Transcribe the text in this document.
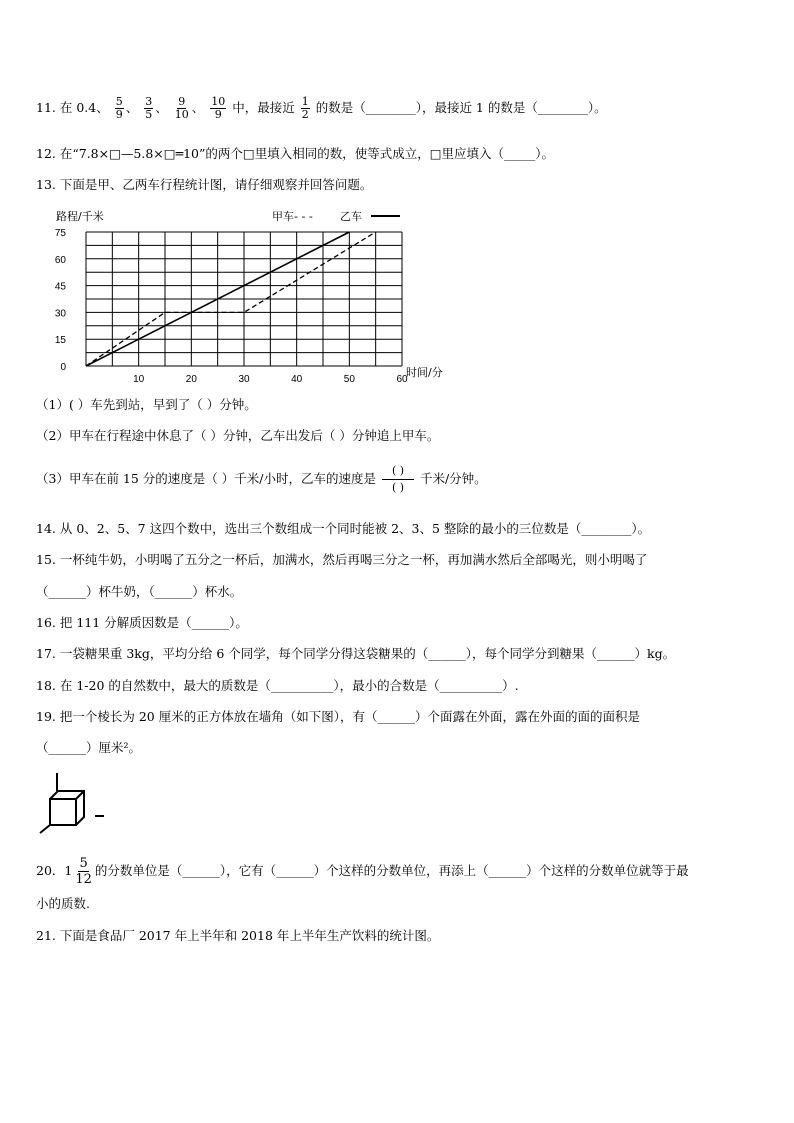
11. 在 0.4、 $\frac{5}{9}$ 、 $\frac{3}{5}$ 、 $\frac{9}{10}$ 、 $\frac{10}{9}$ 中，最接近 $\frac{1}{2}$ 的数是（________），最接近 1 的数是（________）。
12. 在“7.8×□—5.8×□═10”的两个□里填入相同的数，使等式成立，□里应填入（_____）。
13. 下面是甲、乙两车行程统计图，请仔细观察并回答问题。
0
15
30
45
60
75
10	20	30	40	50	60
路程/千米
时间/分
甲车- - - 乙车
（1）( ）车先到站，早到了（ ）分钟。
（2）甲车在行程途中休息了（ ）分钟，乙车出发后（ ）分钟追上甲车。
（3）甲车在前 15 分的速度是（ ）千米/小时，乙车的速度是
( )
( )
千米/分钟。
14. 从 0、2、5、7 这四个数中，选出三个数组成一个同时能被 2、3、5 整除的最小的三位数是（________）。
15. 一杯纯牛奶，小明喝了五分之一杯后，加满水，然后再喝三分之一杯，再加满水然后全部喝光，则小明喝了
（______）杯牛奶，（______）杯水。
16. 把 111 分解质因数是（______）。
17. 一袋糖果重 3kg，平均分给 6 个同学，每个同学分得这袋糖果的（______），每个同学分到糖果（______）kg。
18. 在 1-20 的自然数中，最大的质数是（__________），最小的合数是（__________）.
19. 把一个棱长为 20 厘米的正方体放在墙角（如下图），有（______）个面露在外面，露在外面的面的面积是
（______）厘米²。
20．$1 \frac{5}{12}$ 的分数单位是（______），它有（______）个这样的分数单位，再添上（______）个这样的分数单位就等于最
小的质数.
21. 下面是食品厂 2017 年上半年和 2018 年上半年生产饮料的统计图。
